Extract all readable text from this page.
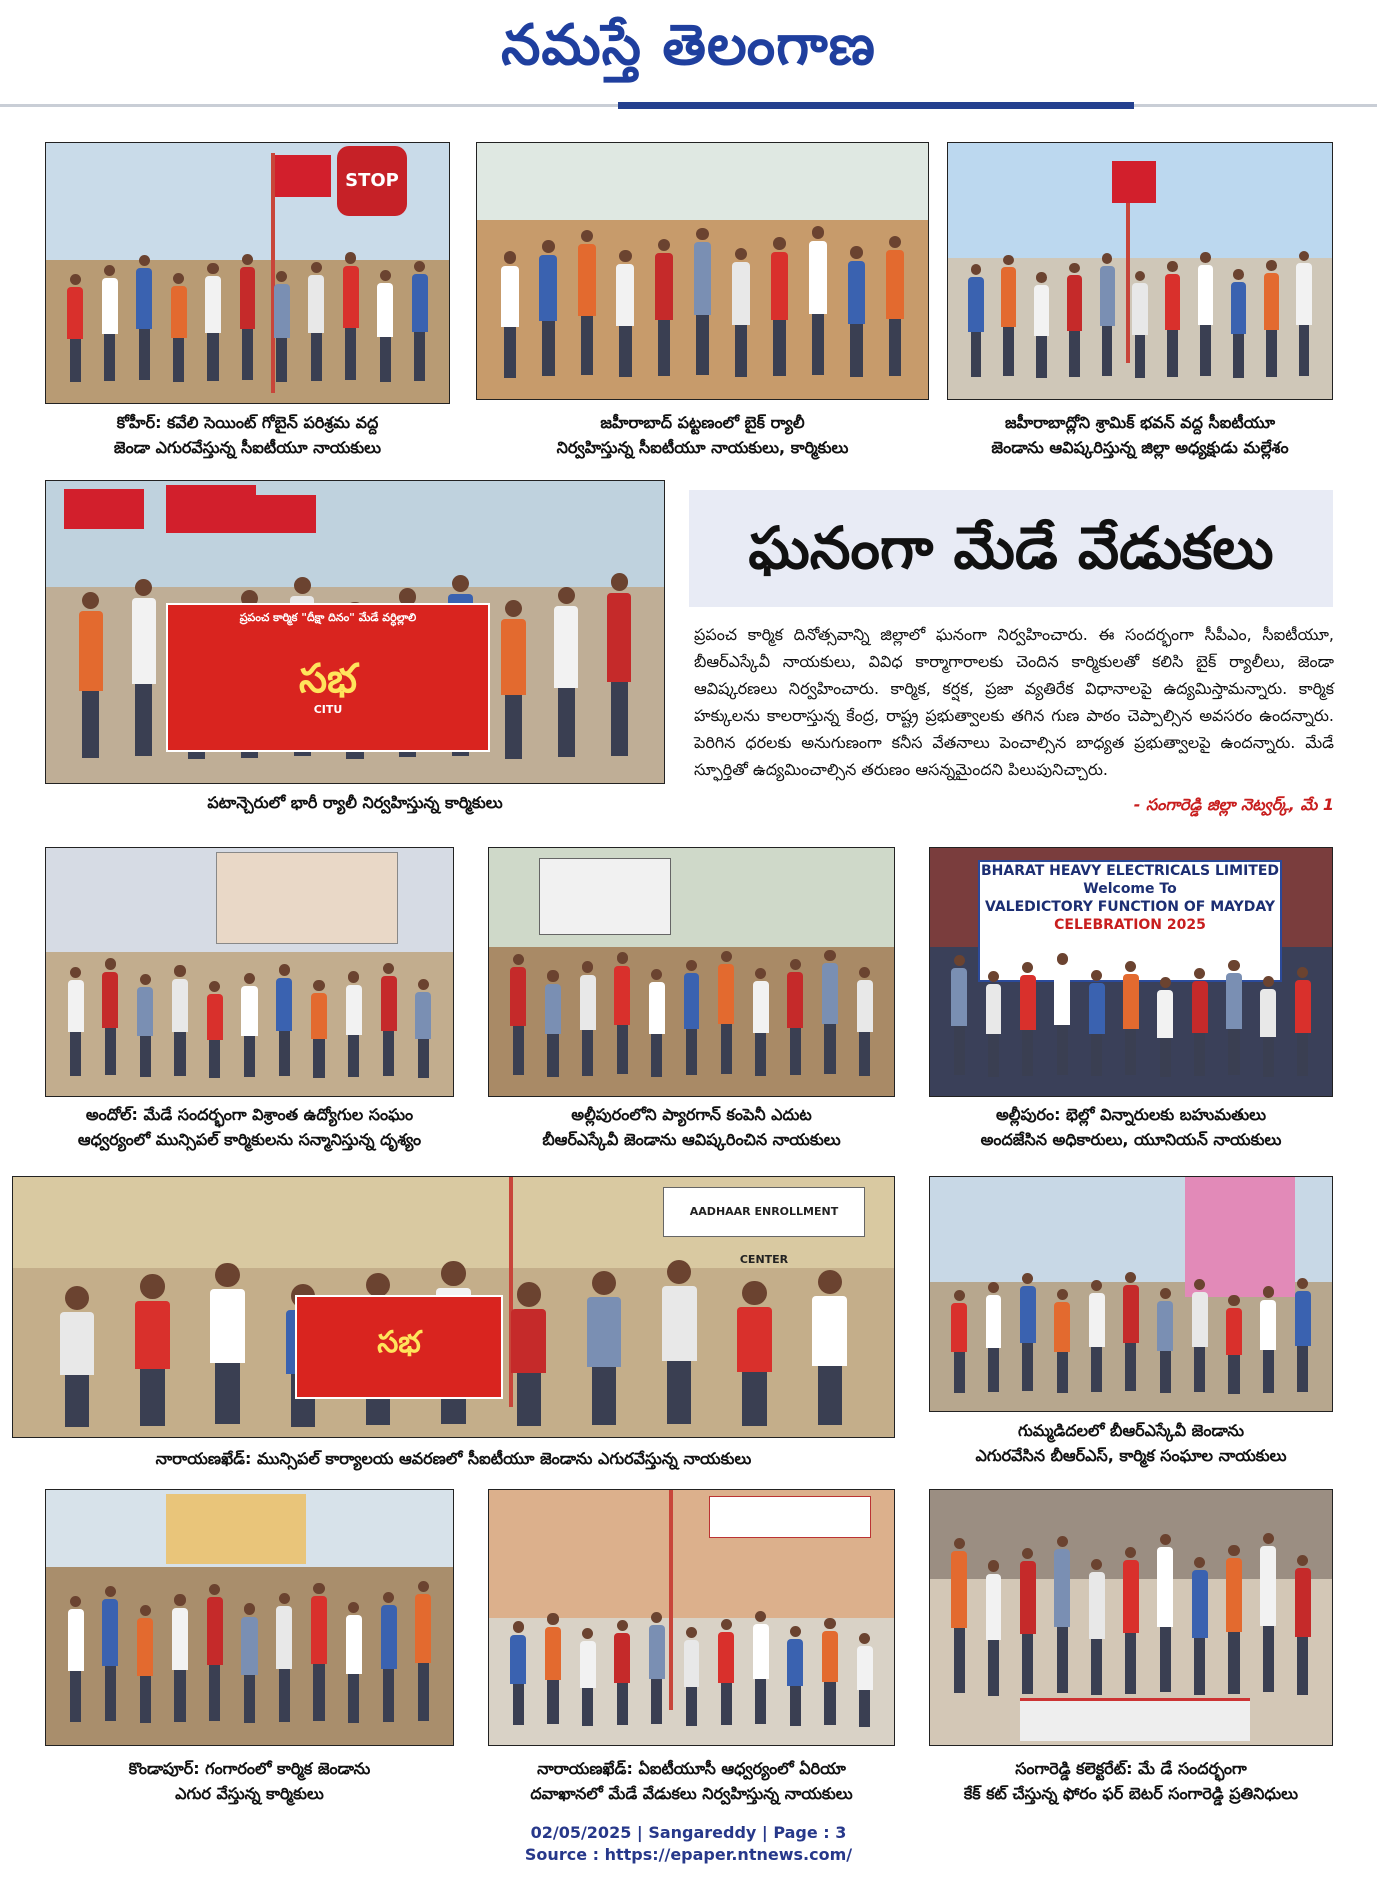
నమస్తే తెలంగాణ
STOP
కోహీర్: కవేలి సెయింట్ గోబైన్ పరిశ్రమ వద్ద
జెండా ఎగురవేస్తున్న సీఐటీయూ నాయకులు
జహీరాబాద్ పట్టణంలో బైక్ ర్యాలీ
నిర్వహిస్తున్న సీఐటీయూ నాయకులు, కార్మికులు
జహీరాబాద్లోని శ్రామిక్ భవన్ వద్ద సీఐటీయూ
జెండాను ఆవిష్కరిస్తున్న జిల్లా అధ్యక్షుడు మల్లేశం
ప్రపంచ కార్మిక "దీక్షా దినం" మేడే వర్ధిల్లాలి
సభ
CITU
పటాన్చెరులో భారీ ర్యాలీ నిర్వహిస్తున్న కార్మికులు
ఘనంగా మేడే వేడుకలు
ప్రపంచ కార్మిక దినోత్సవాన్ని జిల్లాలో ఘనంగా నిర్వహించారు. ఈ సందర్భంగా సీపీఎం, సీఐటీయూ, బీఆర్ఎస్కేవీ నాయకులు, వివిధ కార్మాగారాలకు చెందిన కార్మికులతో కలిసి బైక్ ర్యాలీలు, జెండా ఆవిష్కరణలు నిర్వహించారు. కార్మిక, కర్షక, ప్రజా వ్యతిరేక విధానాలపై ఉద్యమిస్తామన్నారు. కార్మిక హక్కులను కాలరాస్తున్న కేంద్ర, రాష్ట్ర ప్రభుత్వాలకు తగిన గుణ పాఠం చెప్పాల్సిన అవసరం ఉందన్నారు. పెరిగిన ధరలకు అనుగుణంగా కనీస వేతనాలు పెంచాల్సిన బాధ్యత ప్రభుత్వాలపై ఉందన్నారు. మేడే స్ఫూర్తితో ఉద్యమించాల్సిన తరుణం ఆసన్నమైందని పిలుపునిచ్చారు.
- సంగారెడ్డి జిల్లా నెట్వర్క్, మే 1
అందోల్: మేడే సందర్భంగా విశ్రాంత ఉద్యోగుల సంఘం
ఆధ్వర్యంలో మున్సిపల్ కార్మికులను సన్మానిస్తున్న దృశ్యం
అల్లీపురంలోని ప్యారగాన్ కంపెనీ ఎదుట
బీఆర్ఎస్కేవీ జెండాను ఆవిష్కరించిన నాయకులు
BHARAT HEAVY ELECTRICALS LIMITED
Welcome To
VALEDICTORY FUNCTION OF MAYDAY
CELEBRATION 2025
అల్లీపురం: భెల్లో విన్నారులకు బహుమతులు
అందజేసిన అధికారులు, యూనియన్ నాయకులు
AADHAAR ENROLLMENT CENTER
సభ
నారాయణఖేడ్: మున్సిపల్ కార్యాలయ ఆవరణలో సీఐటీయూ జెండాను ఎగురవేస్తున్న నాయకులు
గుమ్మడిదలలో బీఆర్ఎస్కేవీ జెండాను
ఎగురవేసిన బీఆర్ఎస్, కార్మిక సంఘాల నాయకులు
కొండాపూర్: గంగారంలో కార్మిక జెండాను
ఎగుర వేస్తున్న కార్మికులు
నారాయణఖేడ్: ఏఐటీయూసీ ఆధ్వర్యంలో ఏరియా
దవాఖానలో మేడే వేడుకలు నిర్వహిస్తున్న నాయకులు
సంగారెడ్డి కలెక్టరేట్: మే డే సందర్భంగా
కేక్ కట్ చేస్తున్న ఫోరం ఫర్ బెటర్ సంగారెడ్డి ప్రతినిధులు
02/05/2025 | Sangareddy | Page : 3
Source : https://epaper.ntnews.com/
